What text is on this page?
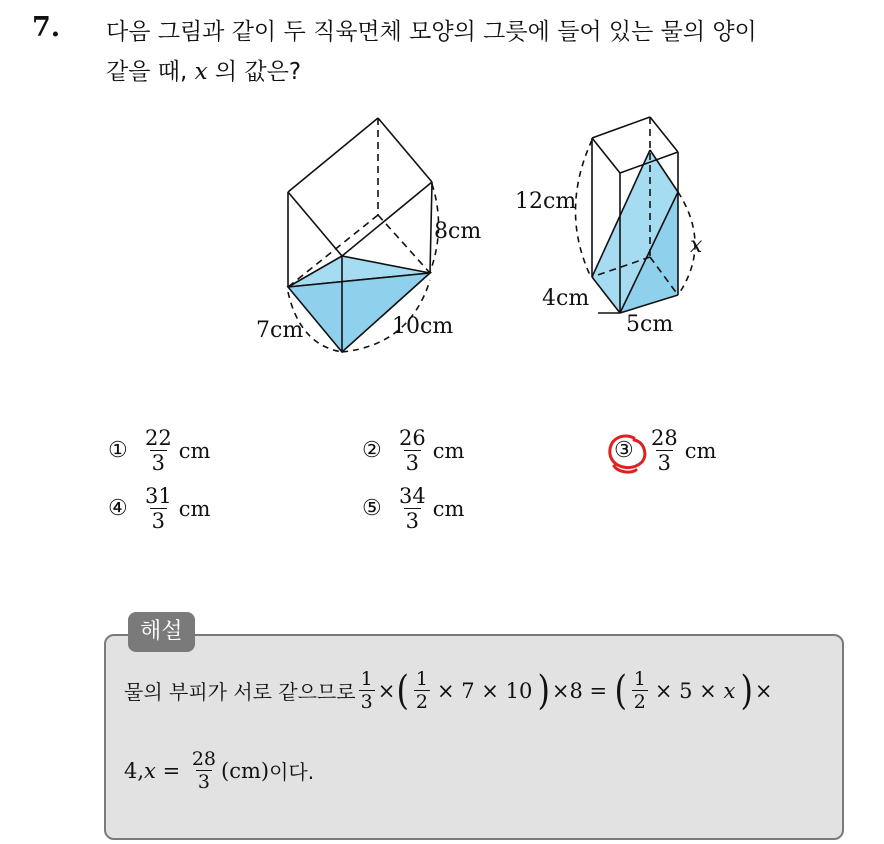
7. 다음 그림과 같이 두 직육면체 모양의 그릇에 들어 있는 물의 양이
같을 때, x 의 값은?
8cm
7cm	10cm
12cm
4cm
5cm
x
① $\frac{22}{3}$ cm	② $\frac{26}{3}$ cm	③ $\frac{28}{3}$ cm
④ $\frac{31}{3}$ cm	⑤ $\frac{34}{3}$ cm
해설
물의 부피가 서로 같으므로 $\frac{1}{3}$ × ( $\frac{1}{2} \times 7 \times 10$ ) ×8 = ( $\frac{1}{2} \times 5 \times x$ ) ×
4, $x = \frac{28}{3} (cm)$ 이다.
